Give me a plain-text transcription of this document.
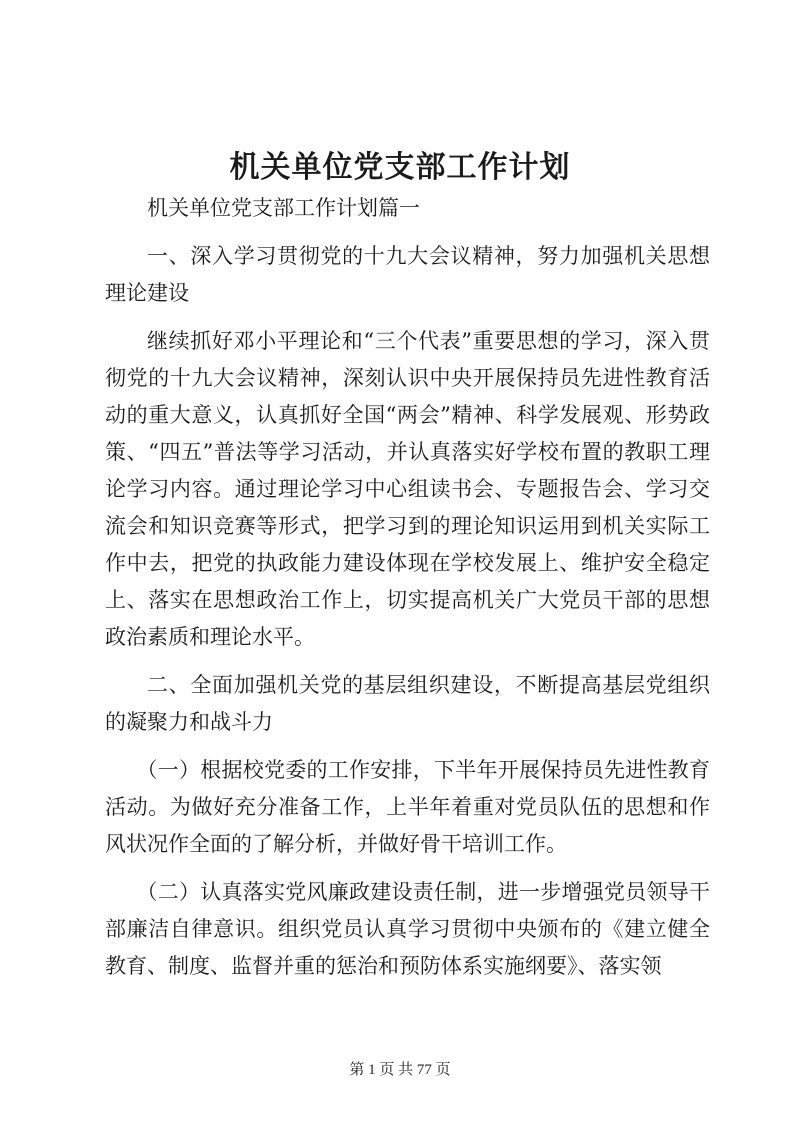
机关单位党支部工作计划

机关单位党支部工作计划篇一

一、深入学习贯彻党的十九大会议精神，努力加强机关思想理论建设

继续抓好邓小平理论和“三个代表”重要思想的学习，深入贯彻党的十九大会议精神，深刻认识中央开展保持员先进性教育活动的重大意义，认真抓好全国“两会”精神、科学发展观、形势政策、“四五”普法等学习活动，并认真落实好学校布置的教职工理论学习内容。通过理论学习中心组读书会、专题报告会、学习交流会和知识竞赛等形式，把学习到的理论知识运用到机关实际工作中去，把党的执政能力建设体现在学校发展上、维护安全稳定上、落实在思想政治工作上，切实提高机关广大党员干部的思想政治素质和理论水平。

二、全面加强机关党的基层组织建设，不断提高基层党组织的凝聚力和战斗力

（一）根据校党委的工作安排，下半年开展保持员先进性教育活动。为做好充分准备工作，上半年着重对党员队伍的思想和作风状况作全面的了解分析，并做好骨干培训工作。

（二）认真落实党风廉政建设责任制，进一步增强党员领导干部廉洁自律意识。组织党员认真学习贯彻中央颁布的《建立健全教育、制度、监督并重的惩治和预防体系实施纲要》、落实领

第 1 页 共 77 页
